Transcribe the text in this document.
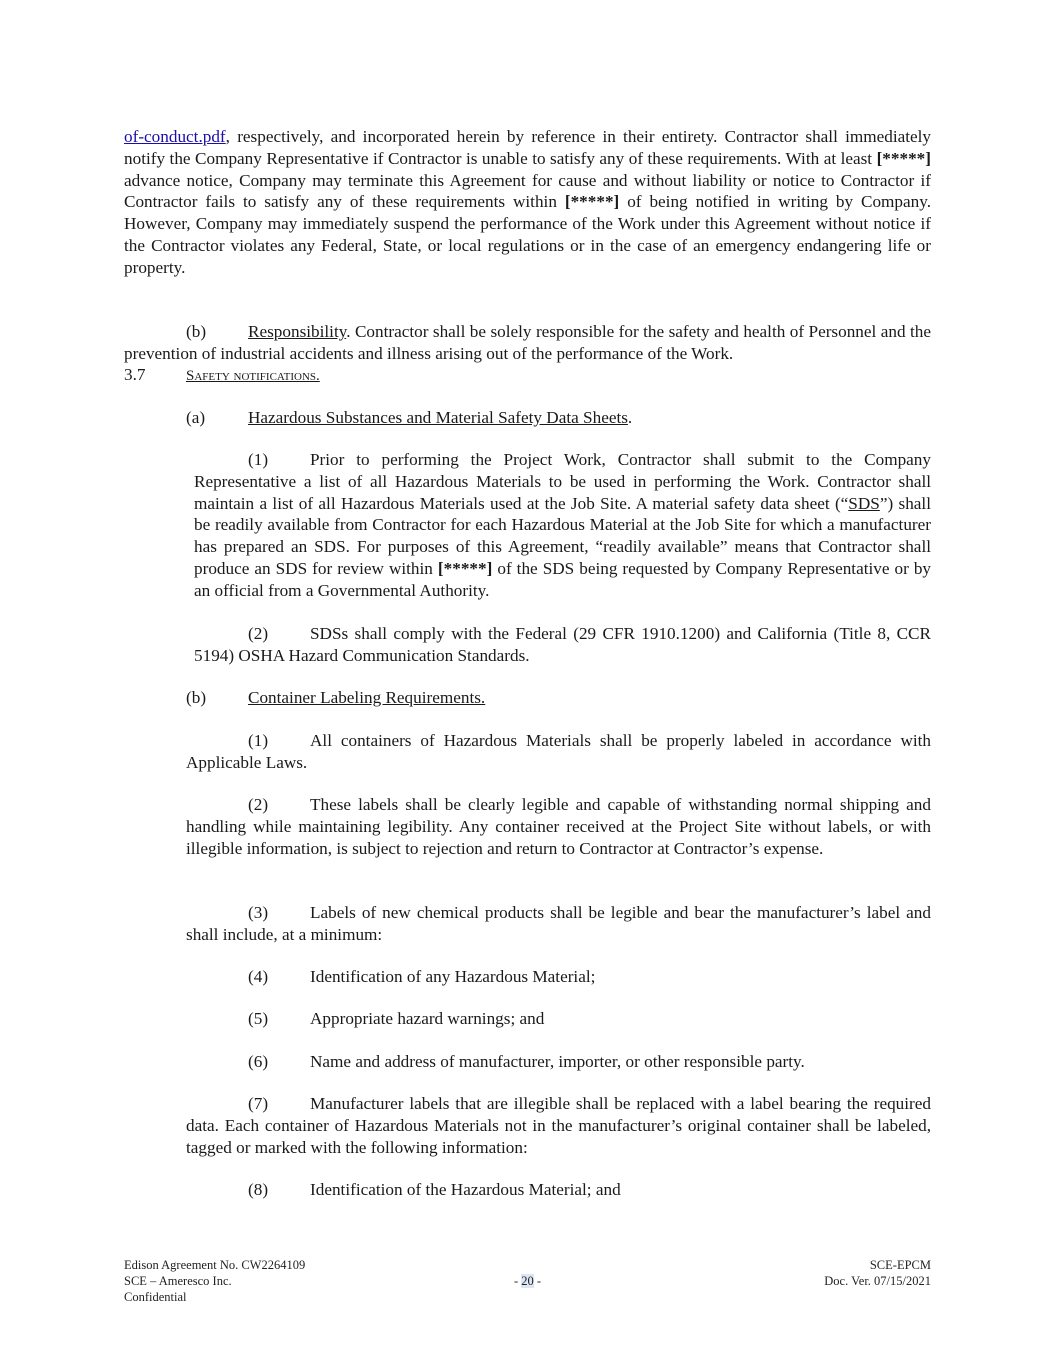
of-conduct.pdf, respectively, and incorporated herein by reference in their entirety. Contractor shall immediately notify the Company Representative if Contractor is unable to satisfy any of these requirements. With at least [*****] advance notice, Company may terminate this Agreement for cause and without liability or notice to Contractor if Contractor fails to satisfy any of these requirements within [*****] of being notified in writing by Company. However, Company may immediately suspend the performance of the Work under this Agreement without notice if the Contractor violates any Federal, State, or local regulations or in the case of an emergency endangering life or property.

(b) Responsibility. Contractor shall be solely responsible for the safety and health of Personnel and the prevention of industrial accidents and illness arising out of the performance of the Work.

3.7	Safety notifications.

(a) Hazardous Substances and Material Safety Data Sheets.

(1) Prior to performing the Project Work, Contractor shall submit to the Company Representative a list of all Hazardous Materials to be used in performing the Work. Contractor shall maintain a list of all Hazardous Materials used at the Job Site. A material safety data sheet (“SDS”) shall be readily available from Contractor for each Hazardous Material at the Job Site for which a manufacturer has prepared an SDS. For purposes of this Agreement, “readily available” means that Contractor shall produce an SDS for review within [*****] of the SDS being requested by Company Representative or by an official from a Governmental Authority.

(2) SDSs shall comply with the Federal (29 CFR 1910.1200) and California (Title 8, CCR 5194) OSHA Hazard Communication Standards.

(b) Container Labeling Requirements.

(1) All containers of Hazardous Materials shall be properly labeled in accordance with Applicable Laws.

(2) These labels shall be clearly legible and capable of withstanding normal shipping and handling while maintaining legibility. Any container received at the Project Site without labels, or with illegible information, is subject to rejection and return to Contractor at Contractor’s expense.

(3) Labels of new chemical products shall be legible and bear the manufacturer’s label and shall include, at a minimum:

(4) Identification of any Hazardous Material;

(5) Appropriate hazard warnings; and

(6) Name and address of manufacturer, importer, or other responsible party.

(7) Manufacturer labels that are illegible shall be replaced with a label bearing the required data. Each container of Hazardous Materials not in the manufacturer’s original container shall be labeled, tagged or marked with the following information:

(8) Identification of the Hazardous Material; and

Edison Agreement No. CW2264109
SCE – Ameresco Inc.
Confidential
- 20 -
SCE-EPCM
Doc. Ver. 07/15/2021
